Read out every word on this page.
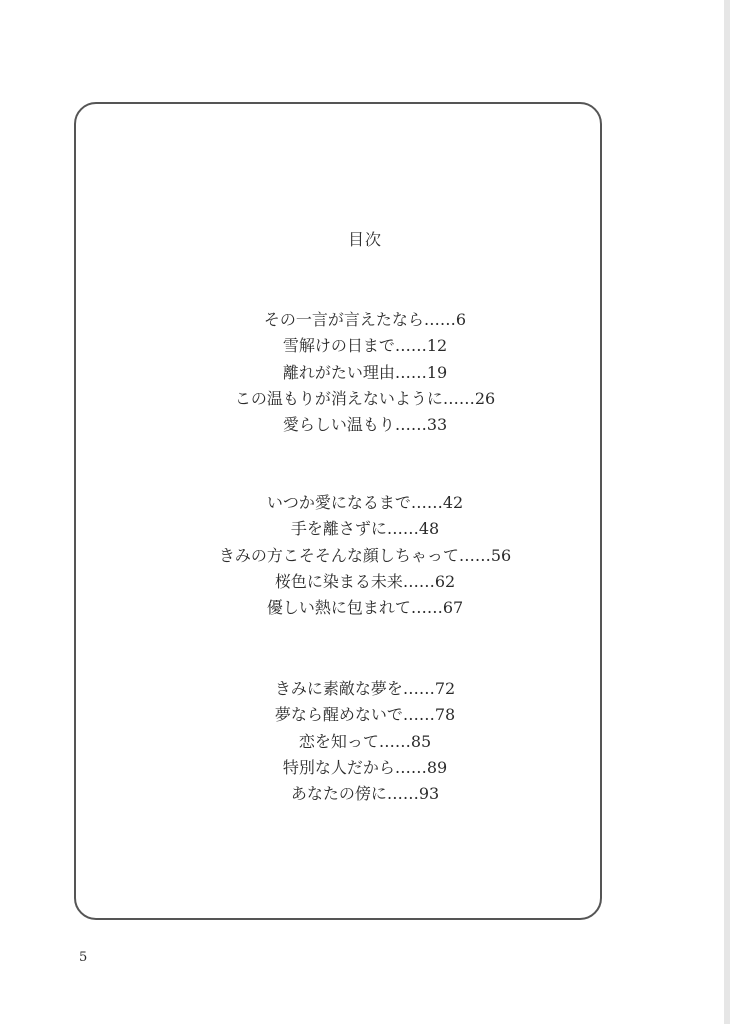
目次
その一言が言えたなら……6
雪解けの日まで……12
離れがたい理由……19
この温もりが消えないように……26
愛らしい温もり……33
いつか愛になるまで……42
手を離さずに……48
きみの方こそそんな顔しちゃって……56
桜色に染まる未来……62
優しい熱に包まれて……67
きみに素敵な夢を……72
夢なら醒めないで……78
恋を知って……85
特別な人だから……89
あなたの傍に……93
5
